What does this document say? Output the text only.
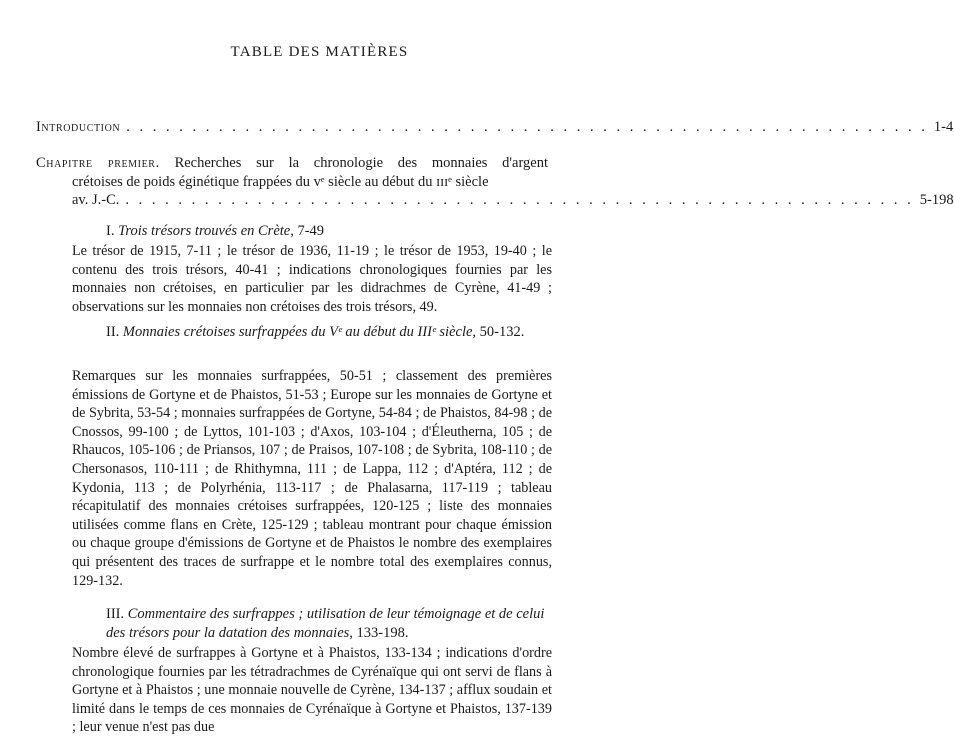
TABLE DES MATIÈRES
Introduction . . . . . . . . . . . . . . . . . . . . . . . . . . . . . . . . . . . . . . . . . . . . . . . . . . . . . . . . . . . . . 1-4
Chapitre premier. Recherches sur la chronologie des monnaies d'argent
crétoises de poids éginétique frappées du vᵉ siècle au début du ɪɪɪᵉ siècle
av. J.-C. . . . . . . . . . . . . . . . . . . . . . . . . . . . . . . . . . . . . . . . . . . . . . . . . . . . . . . . . . . . . 5-198
I. Trois trésors trouvés en Crète, 7-49
Le trésor de 1915, 7-11 ; le trésor de 1936, 11-19 ; le trésor de 1953, 19-40 ; le contenu des trois trésors, 40-41 ; indications chronologiques fournies par les monnaies non crétoises, en particulier par les didrachmes de Cyrène, 41-49 ; observations sur les monnaies non crétoises des trois trésors, 49.
II. Monnaies crétoises surfrappées du Vᵉ au début du IIIᵉ siècle, 50-132.
Remarques sur les monnaies surfrappées, 50-51 ; classement des premières émissions de Gortyne et de Phaistos, 51-53 ; Europe sur les monnaies de Gortyne et de Sybrita, 53-54 ; monnaies surfrappées de Gortyne, 54-84 ; de Phaistos, 84-98 ; de Cnossos, 99-100 ; de Lyttos, 101-103 ; d'Axos, 103-104 ; d'Éleutherna, 105 ; de Rhaucos, 105-106 ; de Priansos, 107 ; de Praisos, 107-108 ; de Sybrita, 108-110 ; de Chersonasos, 110-111 ; de Rhithymna, 111 ; de Lappa, 112 ; d'Aptéra, 112 ; de Kydonia, 113 ; de Polyrhénia, 113-117 ; de Phalasarna, 117-119 ; tableau récapitulatif des monnaies crétoises surfrappées, 120-125 ; liste des monnaies utilisées comme flans en Crète, 125-129 ; tableau montrant pour chaque émission ou chaque groupe d'émissions de Gortyne et de Phaistos le nombre des exemplaires qui présentent des traces de surfrappe et le nombre total des exemplaires connus, 129-132.
III. Commentaire des surfrappes ; utilisation de leur témoignage et de celui des trésors pour la datation des monnaies, 133-198.
Nombre élevé de surfrappes à Gortyne et à Phaistos, 133-134 ; indications d'ordre chronologique fournies par les tétradrachmes de Cyrénaïque qui ont servi de flans à Gortyne et à Phaistos ; une monnaie nouvelle de Cyrène, 134-137 ; afflux soudain et limité dans le temps de ces monnaies de Cyrénaïque à Gortyne et Phaistos, 137-139 ; leur venue n'est pas due
